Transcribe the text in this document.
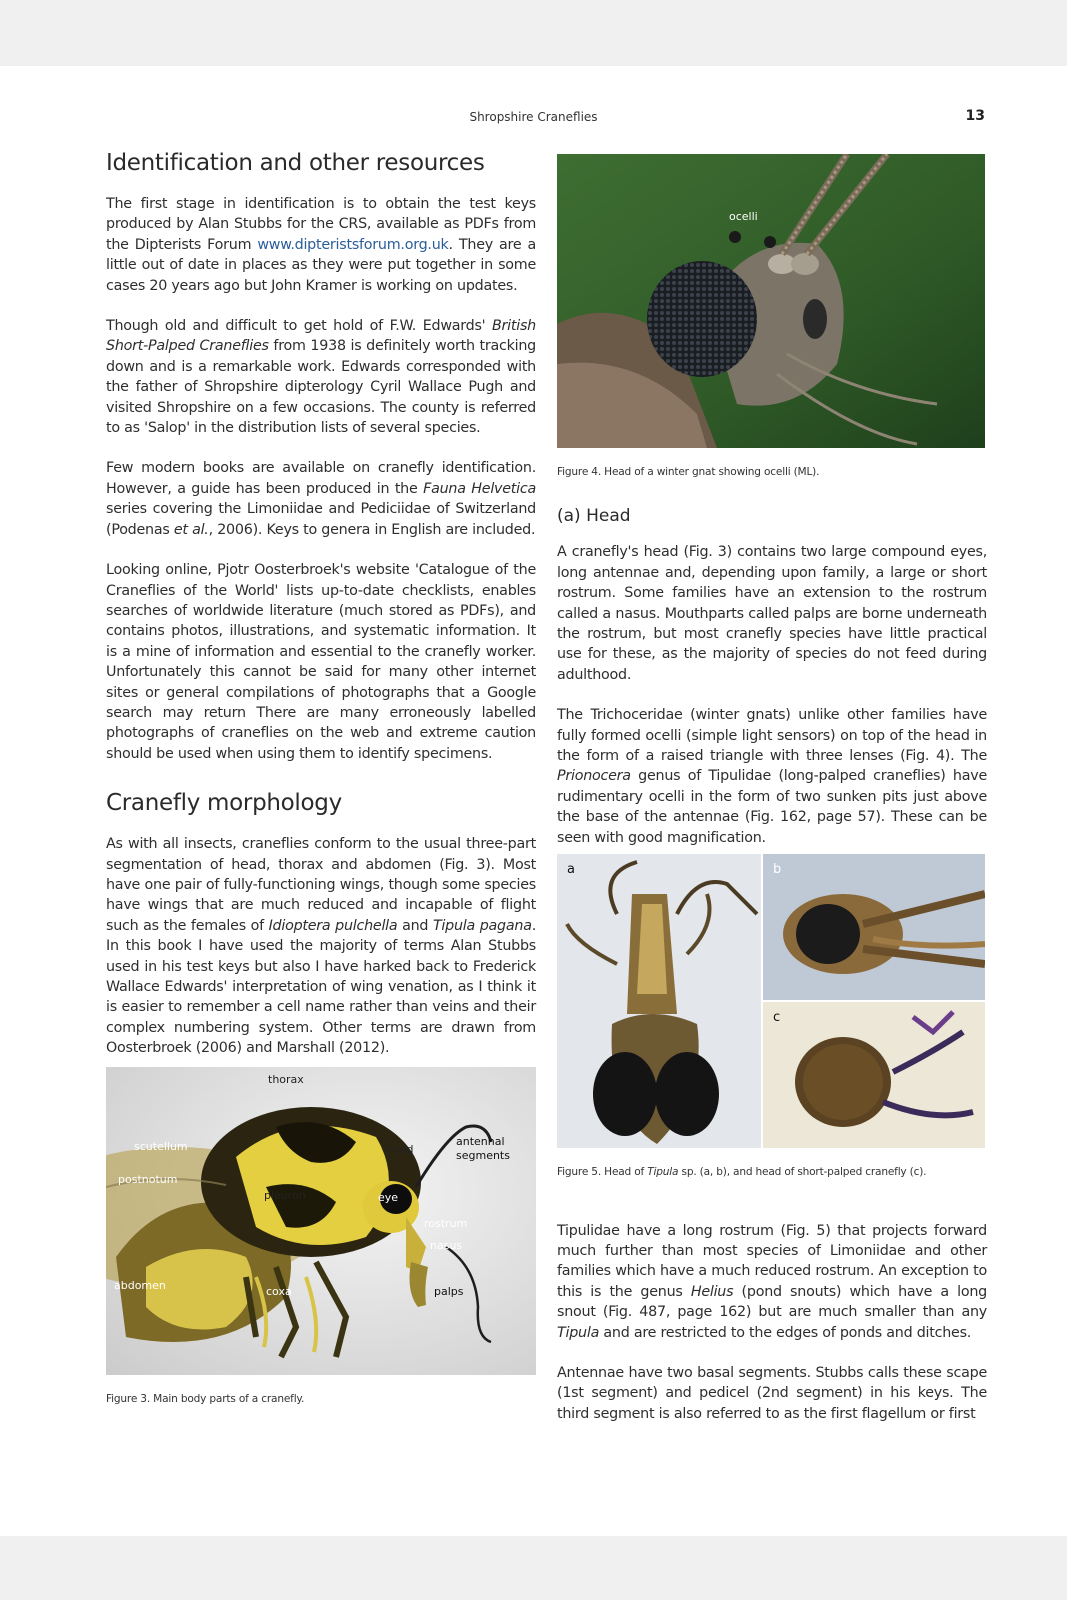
Shropshire Craneflies	13
Identification and other resources

The first stage in identification is to obtain the test keys produced by Alan Stubbs for the CRS, available as PDFs from the Dipterists Forum www.dipteristsforum.org.uk. They are a little out of date in places as they were put together in some cases 20 years ago but John Kramer is working on updates.

Though old and difficult to get hold of F.W. Edwards' British Short-Palped Craneflies from 1938 is definitely worth tracking down and is a remarkable work. Edwards corresponded with the father of Shropshire dipterology Cyril Wallace Pugh and visited Shropshire on a few occasions. The county is referred to as 'Salop' in the distribution lists of several species.

Few modern books are available on cranefly identification. However, a guide has been produced in the Fauna Helvetica series covering the Limoniidae and Pediciidae of Switzerland (Podenas et al., 2006). Keys to genera in English are included.

Looking online, Pjotr Oosterbroek's website 'Catalogue of the Craneflies of the World' lists up-to-date checklists, enables searches of worldwide literature (much stored as PDFs), and contains photos, illustrations, and systematic information. It is a mine of information and essential to the cranefly worker. Unfortunately this cannot be said for many other internet sites or general compilations of photographs that a Google search may return There are many erroneously labelled photographs of craneflies on the web and extreme caution should be used when using them to identify specimens.

Cranefly morphology

As with all insects, craneflies conform to the usual three-part segmentation of head, thorax and abdomen (Fig. 3). Most have one pair of fully-functioning wings, though some species have wings that are much reduced and incapable of flight such as the females of Idioptera pulchella and Tipula pagana. In this book I have used the majority of terms Alan Stubbs used in his test keys but also I have harked back to Frederick Wallace Edwards' interpretation of wing venation, as I think it is easier to remember a cell name rather than veins and their complex numbering system. Other terms are drawn from Oosterbroek (2006) and Marshall (2012).

thorax
scutellum	head
antennal
segments
postnotum
pleuron	eye
rostrum
nasus
abdomen	coxa	palps

Figure 3. Main body parts of a cranefly.

ocelli

Figure 4. Head of a winter gnat showing ocelli (ML).

(a) Head

A cranefly's head (Fig. 3) contains two large compound eyes, long antennae and, depending upon family, a large or short rostrum. Some families have an extension to the rostrum called a nasus. Mouthparts called palps are borne underneath the rostrum, but most cranefly species have little practical use for these, as the majority of species do not feed during adulthood.

The Trichoceridae (winter gnats) unlike other families have fully formed ocelli (simple light sensors) on top of the head in the form of a raised triangle with three lenses (Fig. 4). The Prionocera genus of Tipulidae (long-palped craneflies) have rudimentary ocelli in the form of two sunken pits just above the base of the antennae (Fig. 162, page 57). These can be seen with good magnification.

a	b
c

Figure 5. Head of Tipula sp. (a, b), and head of short-palped cranefly (c).

Tipulidae have a long rostrum (Fig. 5) that projects forward much further than most species of Limoniidae and other families which have a much reduced rostrum. An exception to this is the genus Helius (pond snouts) which have a long snout (Fig. 487, page 162) but are much smaller than any Tipula and are restricted to the edges of ponds and ditches.

Antennae have two basal segments. Stubbs calls these scape (1st segment) and pedicel (2nd segment) in his keys. The third segment is also referred to as the first flagellum or first
